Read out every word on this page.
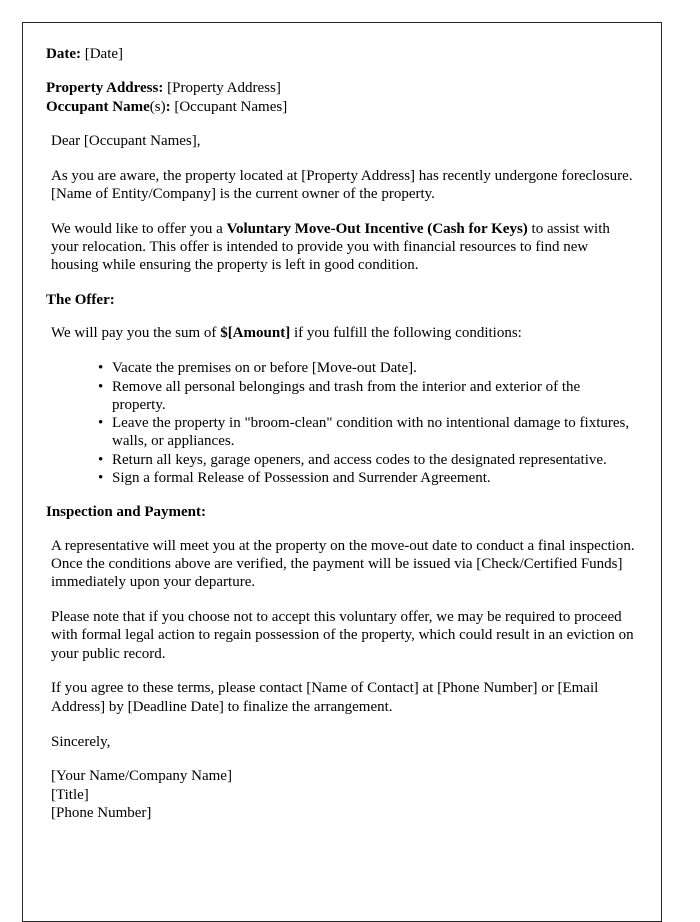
Date: [Date]
Property Address: [Property Address]
Occupant Name(s): [Occupant Names]

Dear [Occupant Names],

As you are aware, the property located at [Property Address] has recently undergone foreclosure. [Name of Entity/Company] is the current owner of the property.

We would like to offer you a Voluntary Move-Out Incentive (Cash for Keys) to assist with your relocation. This offer is intended to provide you with financial resources to find new housing while ensuring the property is left in good condition.

The Offer:

We will pay you the sum of $[Amount] if you fulfill the following conditions:

• Vacate the premises on or before [Move-out Date].
• Remove all personal belongings and trash from the interior and exterior of the property.
• Leave the property in "broom-clean" condition with no intentional damage to fixtures, walls, or appliances.
• Return all keys, garage openers, and access codes to the designated representative.
• Sign a formal Release of Possession and Surrender Agreement.

Inspection and Payment:

A representative will meet you at the property on the move-out date to conduct a final inspection. Once the conditions above are verified, the payment will be issued via [Check/Certified Funds] immediately upon your departure.

Please note that if you choose not to accept this voluntary offer, we may be required to proceed with formal legal action to regain possession of the property, which could result in an eviction on your public record.

If you agree to these terms, please contact [Name of Contact] at [Phone Number] or [Email Address] by [Deadline Date] to finalize the arrangement.

Sincerely,

[Your Name/Company Name]
[Title]
[Phone Number]
